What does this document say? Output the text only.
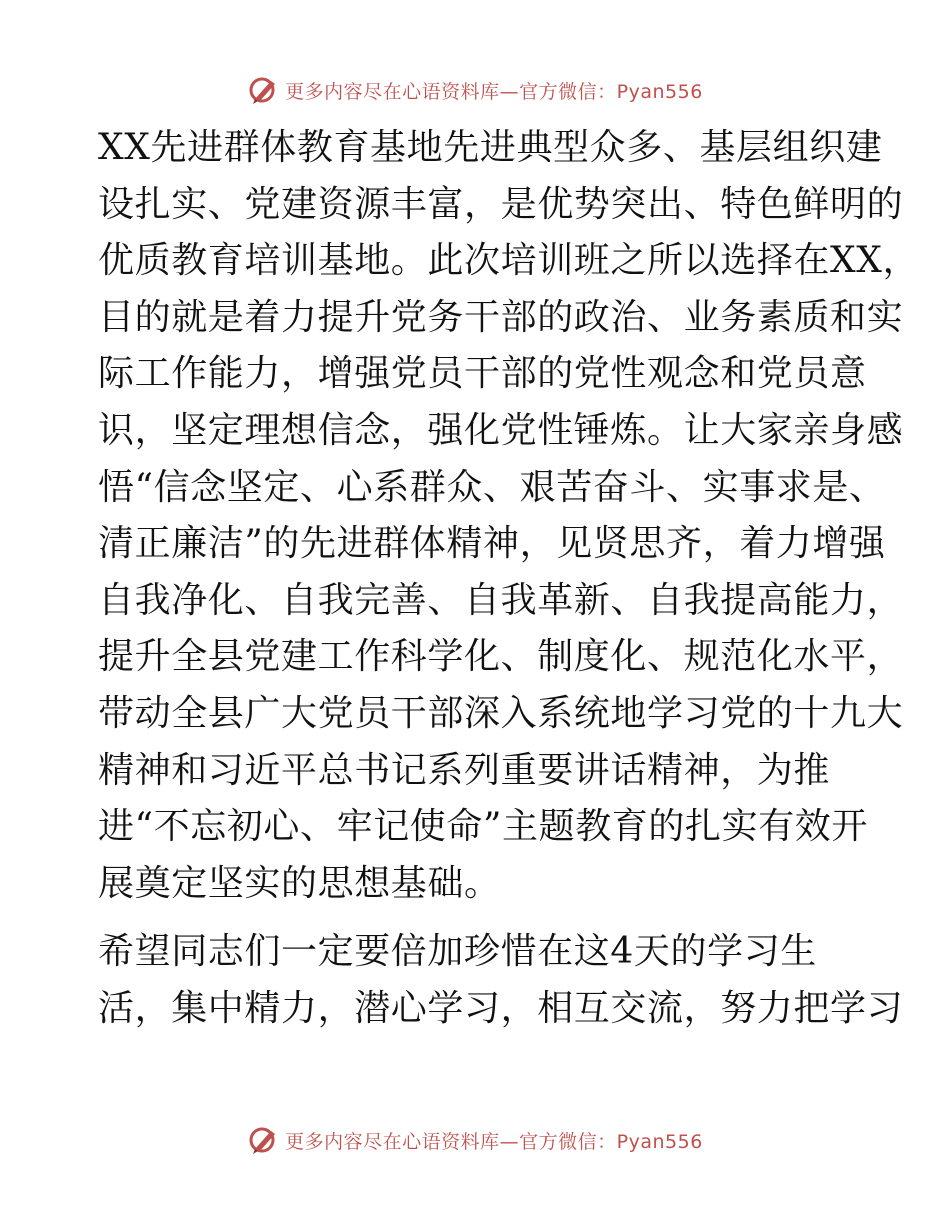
更多内容尽在心语资料库—官方微信：Pyan556
XX先进群体教育基地先进典型众多、基层组织建
设扎实、党建资源丰富，是优势突出、特色鲜明的
优质教育培训基地。此次培训班之所以选择在XX，
目的就是着力提升党务干部的政治、业务素质和实
际工作能力，增强党员干部的党性观念和党员意
识，坚定理想信念，强化党性锤炼。让大家亲身感
悟“信念坚定、心系群众、艰苦奋斗、实事求是、
清正廉洁”的先进群体精神，见贤思齐，着力增强
自我净化、自我完善、自我革新、自我提高能力，
提升全县党建工作科学化、制度化、规范化水平，
带动全县广大党员干部深入系统地学习党的十九大
精神和习近平总书记系列重要讲话精神，为推
进“不忘初心、牢记使命”主题教育的扎实有效开
展奠定坚实的思想基础。
希望同志们一定要倍加珍惜在这4天的学习生
活，集中精力，潜心学习，相互交流，努力把学习
更多内容尽在心语资料库—官方微信：Pyan556
